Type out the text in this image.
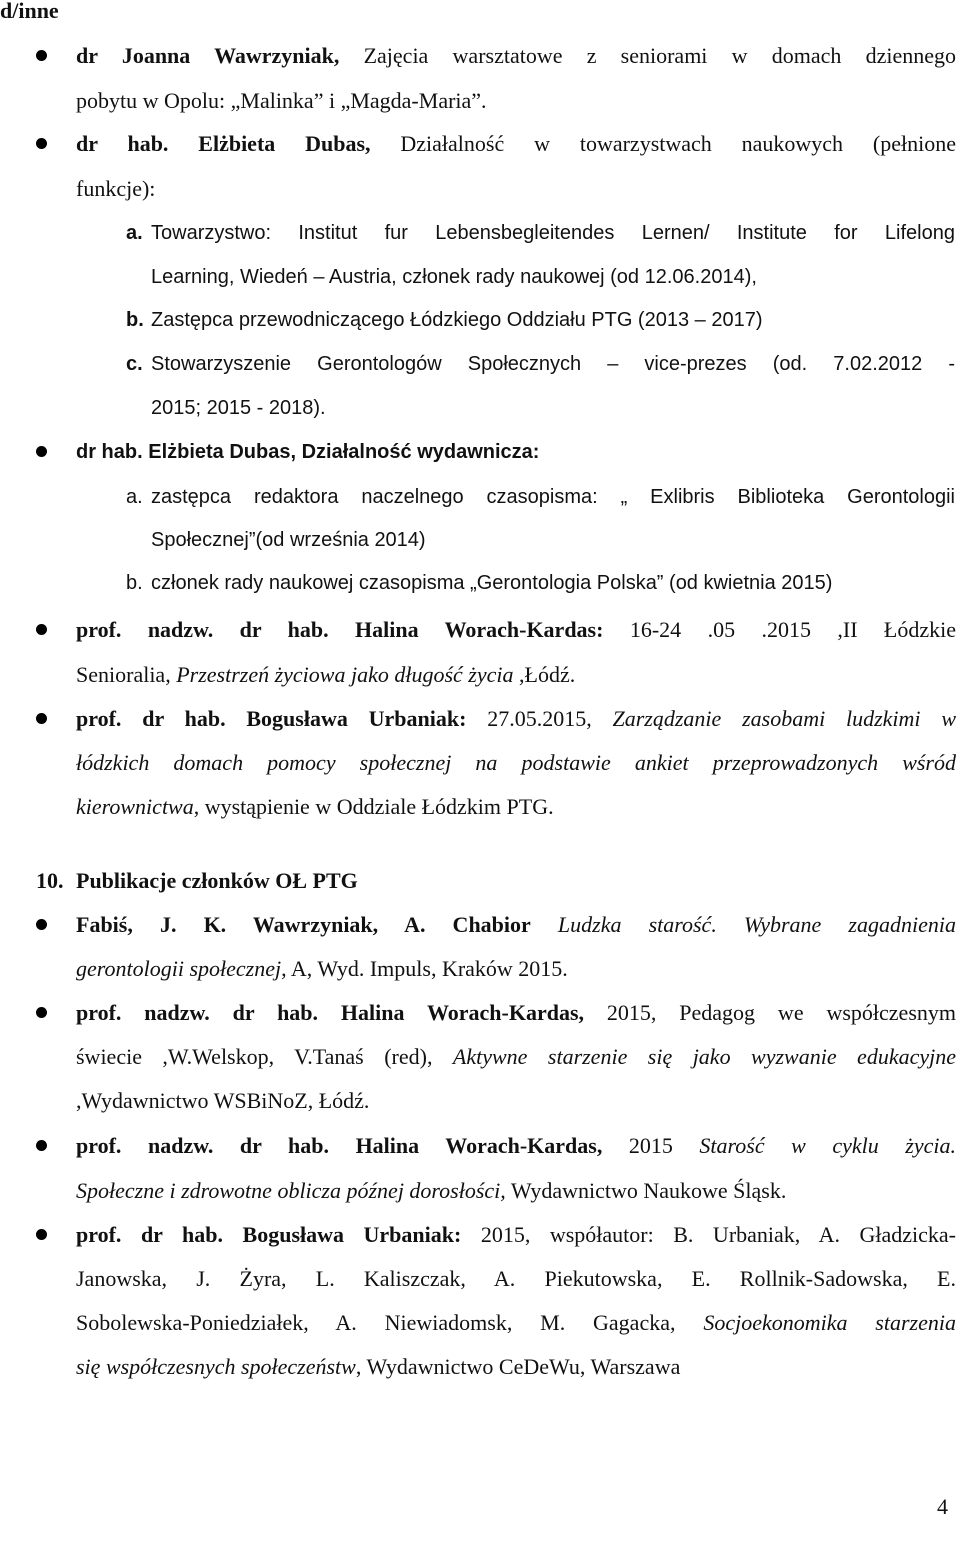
d/inne
dr Joanna Wawrzyniak, Zajęcia warsztatowe z seniorami w domach dziennego
pobytu w Opolu: „Malinka” i „Magda-Maria”.
dr hab. Elżbieta Dubas, Działalność w towarzystwach naukowych (pełnione
funkcje):
a. Towarzystwo: Institut fur Lebensbegleitendes Lernen/ Institute for Lifelong
Learning, Wiedeń – Austria, członek rady naukowej (od 12.06.2014),
b. Zastępca przewodniczącego Łódzkiego Oddziału PTG (2013 – 2017)
c. Stowarzyszenie Gerontologów Społecznych – vice-prezes (od. 7.02.2012 -
2015; 2015 - 2018).
dr hab. Elżbieta Dubas, Działalność wydawnicza:
a. zastępca redaktora naczelnego czasopisma: „ Exlibris Biblioteka Gerontologii
Społecznej”(od września 2014)
b. członek rady naukowej czasopisma „Gerontologia Polska” (od kwietnia 2015)
prof. nadzw. dr hab. Halina Worach-Kardas: 16-24 .05 .2015 ,II Łódzkie
Senioralia, Przestrzeń życiowa jako długość życia ,Łódź.
prof. dr hab. Bogusława Urbaniak: 27.05.2015, Zarządzanie zasobami ludzkimi w
łódzkich domach pomocy społecznej na podstawie ankiet przeprowadzonych wśród
kierownictwa, wystąpienie w Oddziale Łódzkim PTG.
10. Publikacje członków OŁ PTG
Fabiś, J. K. Wawrzyniak, A. Chabior Ludzka starość. Wybrane zagadnienia
gerontologii społecznej, A, Wyd. Impuls, Kraków 2015.
prof. nadzw. dr hab. Halina Worach-Kardas, 2015, Pedagog we współczesnym
świecie ,W.Welskop, V.Tanaś (red), Aktywne starzenie się jako wyzwanie edukacyjne
,Wydawnictwo WSBiNoZ, Łódź.
prof. nadzw. dr hab. Halina Worach-Kardas, 2015 Starość w cyklu życia.
Społeczne i zdrowotne oblicza późnej dorosłości, Wydawnictwo Naukowe Śląsk.
prof. dr hab. Bogusława Urbaniak: 2015, współautor: B. Urbaniak, A. Gładzicka-
Janowska, J. Żyra, L. Kaliszczak, A. Piekutowska, E. Rollnik-Sadowska, E.
Sobolewska-Poniedziałek, A. Niewiadomsk, M. Gagacka, Socjoekonomika starzenia
się współczesnych społeczeństw, Wydawnictwo CeDeWu, Warszawa
4
